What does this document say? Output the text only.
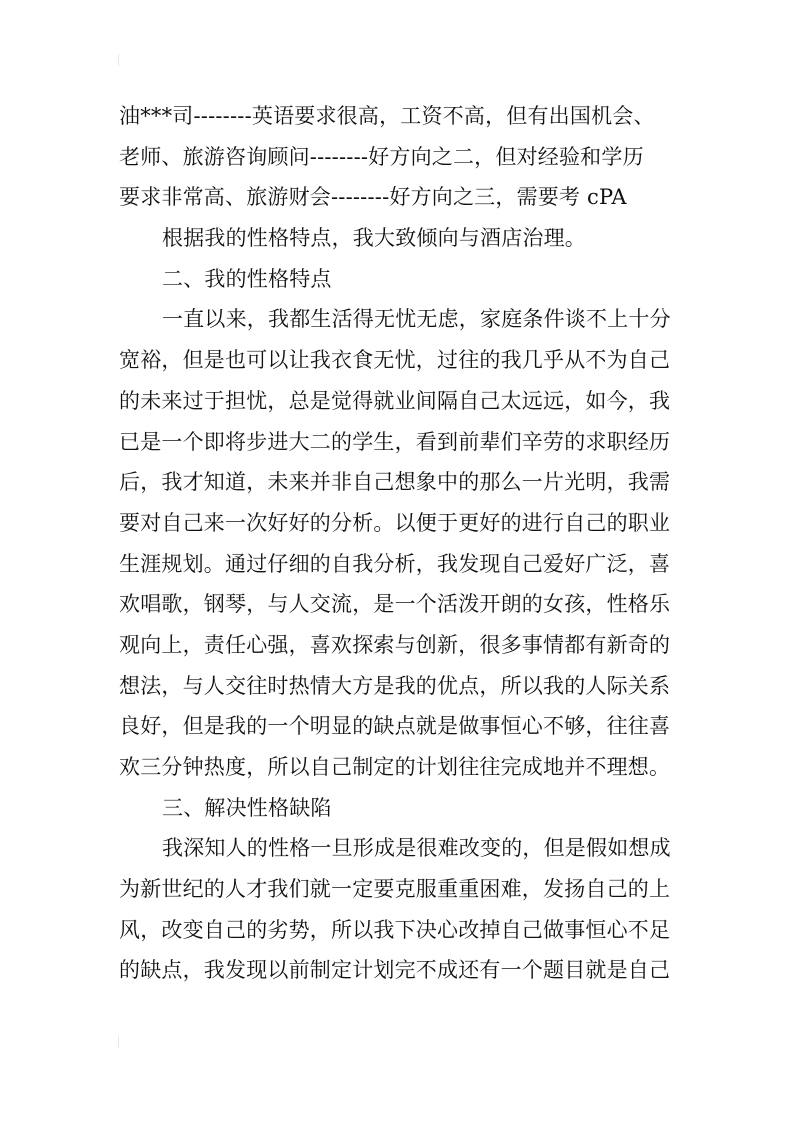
油***司--------英语要求很高，工资不高，但有出国机会、
老师、旅游咨询顾问--------好方向之二，但对经验和学历
要求非常高、旅游财会--------好方向之三，需要考 cPA
根据我的性格特点，我大致倾向与酒店治理。
二、我的性格特点
一直以来，我都生活得无忧无虑，家庭条件谈不上十分
宽裕，但是也可以让我衣食无忧，过往的我几乎从不为自己
的未来过于担忧，总是觉得就业间隔自己太远远，如今，我
已是一个即将步进大二的学生，看到前辈们辛劳的求职经历
后，我才知道，未来并非自己想象中的那么一片光明，我需
要对自己来一次好好的分析。以便于更好的进行自己的职业
生涯规划。通过仔细的自我分析，我发现自己爱好广泛，喜
欢唱歌，钢琴，与人交流，是一个活泼开朗的女孩，性格乐
观向上，责任心强，喜欢探索与创新，很多事情都有新奇的
想法，与人交往时热情大方是我的优点，所以我的人际关系
良好，但是我的一个明显的缺点就是做事恒心不够，往往喜
欢三分钟热度，所以自己制定的计划往往完成地并不理想。
三、解决性格缺陷
我深知人的性格一旦形成是很难改变的，但是假如想成
为新世纪的人才我们就一定要克服重重困难，发扬自己的上
风，改变自己的劣势，所以我下决心改掉自己做事恒心不足
的缺点，我发现以前制定计划完不成还有一个题目就是自己
